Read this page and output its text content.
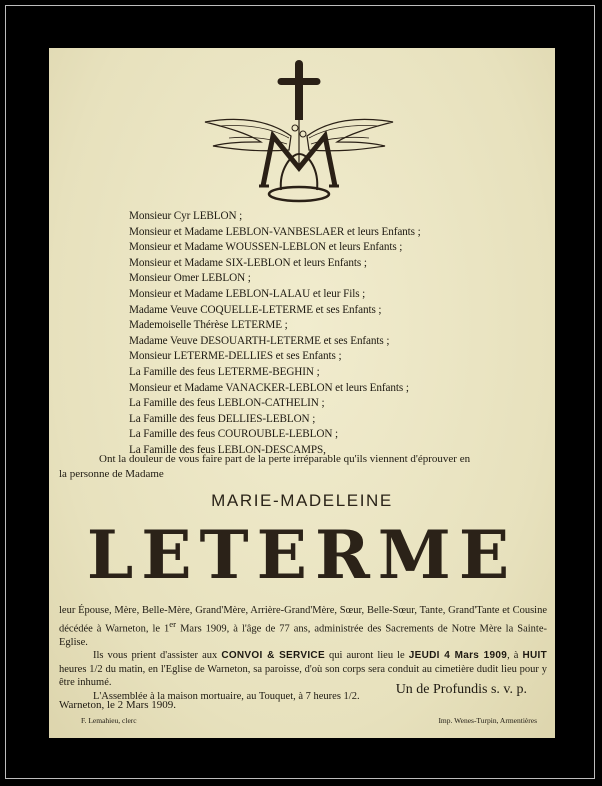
Monsieur Cyr LEBLON ;
Monsieur et Madame LEBLON-VANBESLAER et leurs Enfants ;
Monsieur et Madame WOUSSEN-LEBLON et leurs Enfants ;
Monsieur et Madame SIX-LEBLON et leurs Enfants ;
Monsieur Omer LEBLON ;
Monsieur et Madame LEBLON-LALAU et leur Fils ;
Madame Veuve COQUELLE-LETERME et ses Enfants ;
Mademoiselle Thérèse LETERME ;
Madame Veuve DESOUARTH-LETERME et ses Enfants ;
Monsieur LETERME-DELLIES et ses Enfants ;
La Famille des feus LETERME-BEGHIN ;
Monsieur et Madame VANACKER-LEBLON et leurs Enfants ;
La Famille des feus LEBLON-CATHELIN ;
La Famille des feus DELLIES-LEBLON ;
La Famille des feus COUROUBLE-LEBLON ;
La Famille des feus LEBLON-DESCAMPS,
Ont la douleur de vous faire part de la perte irréparable qu'ils viennent d'éprouver en
la personne de Madame
MARIE-MADELEINE
LETERME

leur Épouse, Mère, Belle-Mère, Grand'Mère, Arrière-Grand'Mère, Sœur, Belle-Sœur, Tante, Grand'Tante et Cousine décédée à Warneton, le 1er Mars 1909, à l'âge de 77 ans, administrée des Sacrements de Notre Mère la Sainte-Eglise.

Ils vous prient d'assister aux CONVOI & SERVICE qui auront lieu le JEUDI 4 Mars 1909, à HUIT heures 1/2 du matin, en l'Eglise de Warneton, sa paroisse, d'où son corps sera conduit au cimetière dudit lieu pour y être inhumé.

L'Assemblée à la maison mortuaire, au Touquet, à 7 heures 1/2.	Un de Profundis s. v. p.
Warneton, le 2 Mars 1909.
F. Lemahieu, clerc	Imp. Wenes-Turpin, Armentières
